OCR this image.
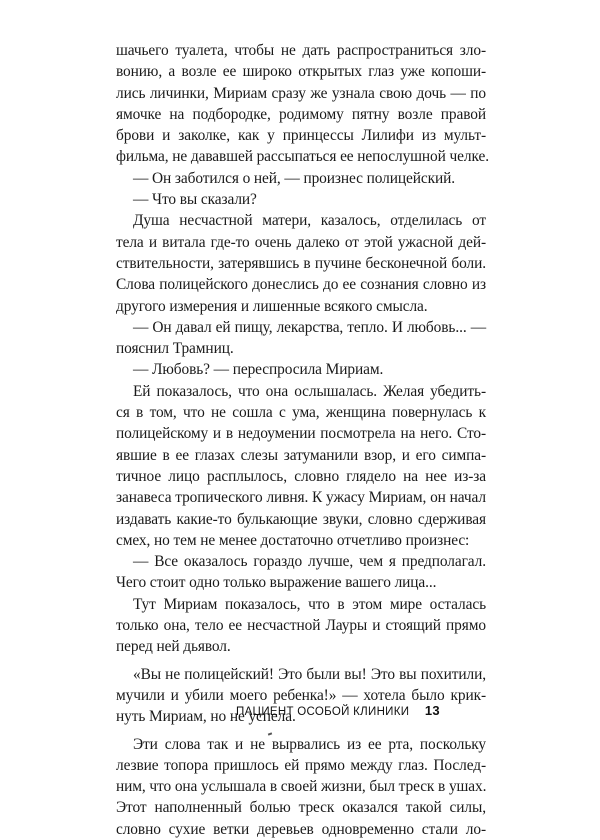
шачьего туалета, чтобы не дать распространиться зло-
вонию, а возле ее широко открытых глаз уже копоши-
лись личинки, Мириам сразу же узнала свою дочь — по
ямочке на подбородке, родимому пятну возле правой
брови и заколке, как у принцессы Лилифи из мульт-
фильма, не дававшей рассыпаться ее непослушной челке.
— Он заботился о ней, — произнес полицейский.
— Что вы сказали?
Душа несчастной матери, казалось, отделилась от
тела и витала где-то очень далеко от этой ужасной дей-
ствительности, затерявшись в пучине бесконечной боли.
Слова полицейского донеслись до ее сознания словно из
другого измерения и лишенные всякого смысла.
— Он давал ей пищу, лекарства, тепло. И любовь... —
пояснил Трамниц.
— Любовь? — переспросила Мириам.
Ей показалось, что она ослышалась. Желая убедить-
ся в том, что не сошла с ума, женщина повернулась к
полицейскому и в недоумении посмотрела на него. Сто-
явшие в ее глазах слезы затуманили взор, и его симпа-
тичное лицо расплылось, словно глядело на нее из-за
занавеса тропического ливня. К ужасу Мириам, он начал
издавать какие-то булькающие звуки, словно сдерживая
смех, но тем не менее достаточно отчетливо произнес:
— Все оказалось гораздо лучше, чем я предполагал.
Чего стоит одно только выражение вашего лица...
Тут Мириам показалось, что в этом мире осталась
только она, тело ее несчастной Лауры и стоящий прямо
перед ней дьявол.
«Вы не полицейский! Это были вы! Это вы похитили,
мучили и убили моего ребенка!» — хотела было крик-
нуть Мириам, но не успела.
Эти слова так и не вырвались из ее рта, поскольку
лезвие топора пришлось ей прямо между глаз. Послед-
ним, что она услышала в своей жизни, был треск в ушах.
Этот наполненный болью треск оказался такой силы,
словно сухие ветки деревьев одновременно стали ло-
ПАЦИЕНТ ОСОБОЙ КЛИНИКИ 13
